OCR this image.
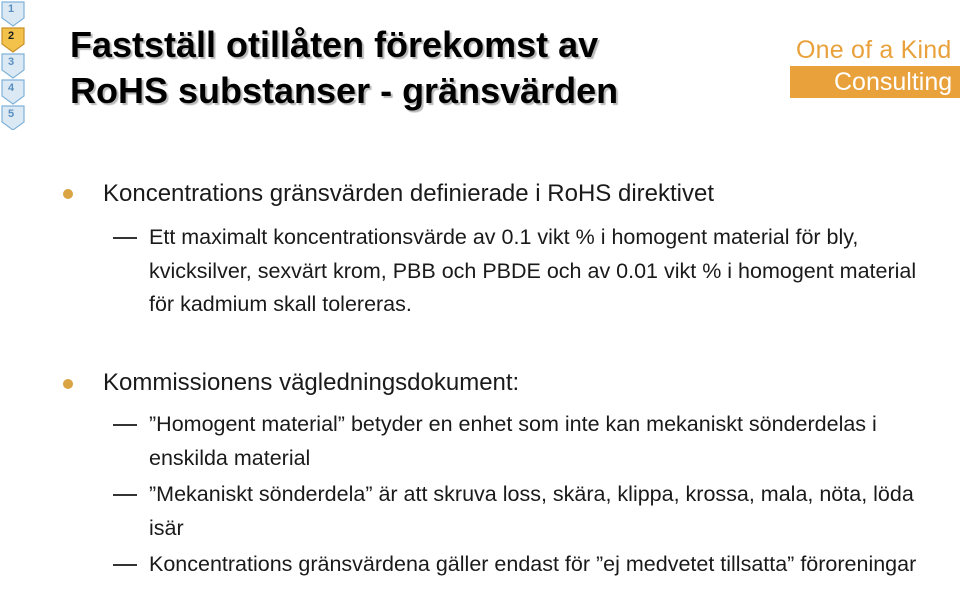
1
2
3
4
5
Fastställ otillåten förekomst av
RoHS substanser - gränsvärden
One of a Kind
Consulting
Koncentrations gränsvärden definierade i RoHS direktivet
Ett maximalt koncentrationsvärde av 0.1 vikt % i homogent material för bly, kvicksilver, sexvärt krom, PBB och PBDE och av 0.01 vikt % i homogent material för kadmium skall tolereras.
Kommissionens vägledningsdokument:
”Homogent material” betyder en enhet som inte kan mekaniskt sönderdelas i enskilda material
”Mekaniskt sönderdela” är att skruva loss, skära, klippa, krossa, mala, nöta, löda isär
Koncentrations gränsvärdena gäller endast för ”ej medvetet tillsatta” föroreningar
